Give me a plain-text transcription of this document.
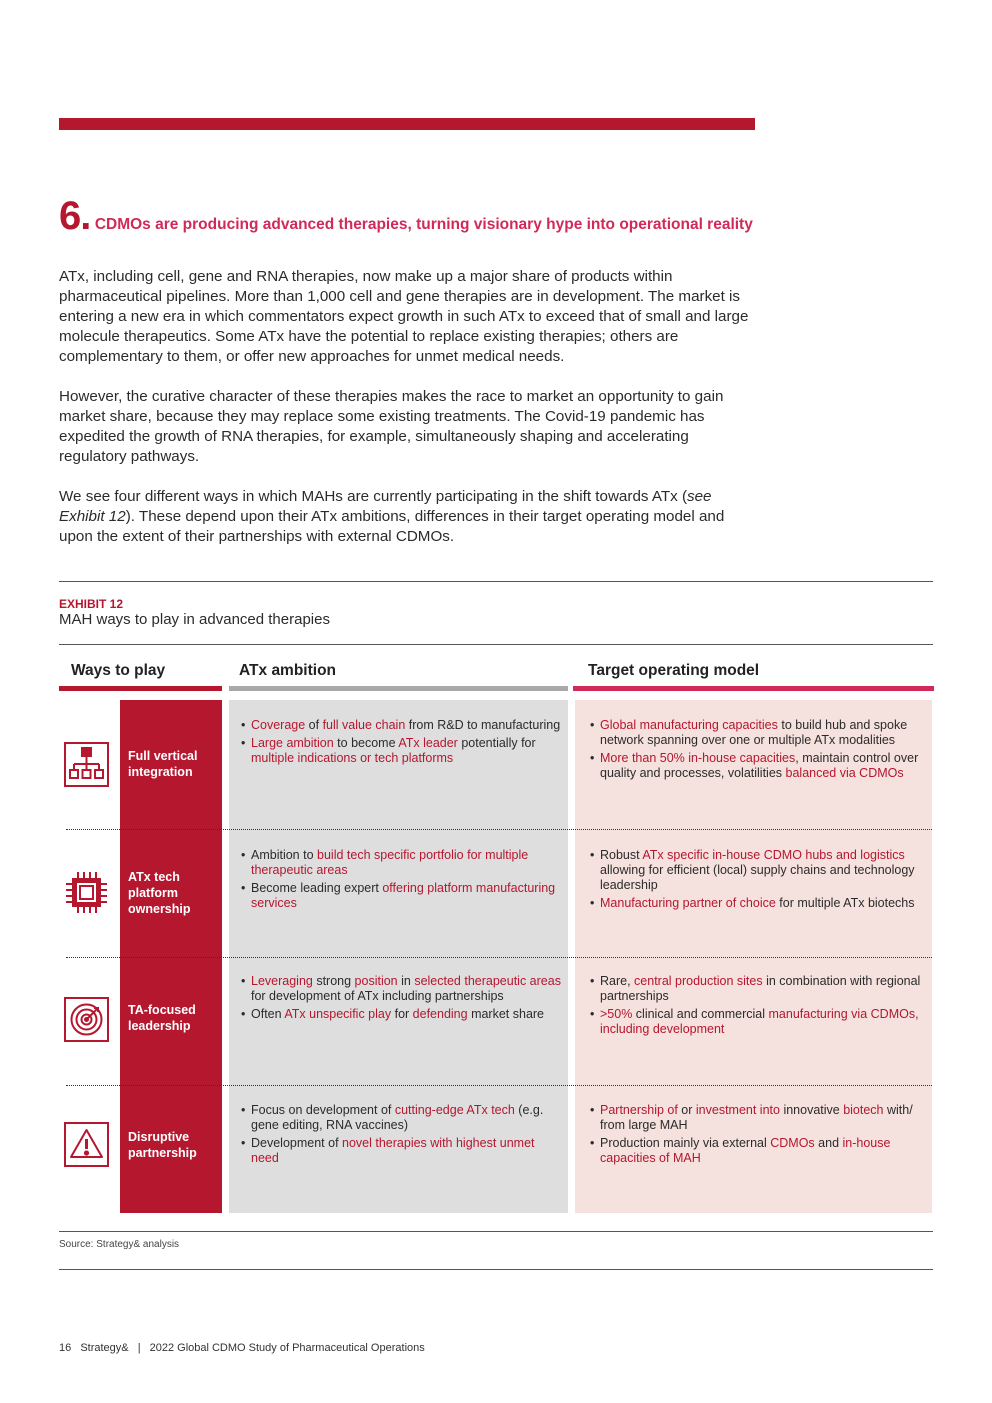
6. CDMOs are producing advanced therapies, turning visionary hype into operational reality

ATx, including cell, gene and RNA therapies, now make up a major share of products within pharmaceutical pipelines. More than 1,000 cell and gene therapies are in development. The market is entering a new era in which commentators expect growth in such ATx to exceed that of small and large molecule therapeutics. Some ATx have the potential to replace existing therapies; others are complementary to them, or offer new approaches for unmet medical needs.

However, the curative character of these therapies makes the race to market an opportunity to gain market share, because they may replace some existing treatments. The Covid-19 pandemic has expedited the growth of RNA therapies, for example, simultaneously shaping and accelerating regulatory pathways.

We see four different ways in which MAHs are currently participating in the shift towards ATx (see Exhibit 12). These depend upon their ATx ambitions, differences in their target operating model and upon the extent of their partnerships with external CDMOs.

EXHIBIT 12
MAH ways to play in advanced therapies
Ways to play	ATx ambition	Target operating model
Full vertical integration
• Coverage of full value chain from R&D to manufacturing
• Large ambition to become ATx leader potentially for multiple indications or tech platforms
• Global manufacturing capacities to build hub and spoke network spanning over one or multiple ATx modalities
• More than 50% in-house capacities, maintain control over quality and processes, volatilities balanced via CDMOs
ATx tech platform ownership
• Ambition to build tech specific portfolio for multiple therapeutic areas
• Become leading expert offering platform manufacturing services
• Robust ATx specific in-house CDMO hubs and logistics allowing for efficient (local) supply chains and technology leadership
• Manufacturing partner of choice for multiple ATx biotechs
TA-focused leadership
• Leveraging strong position in selected therapeutic areas for development of ATx including partnerships
• Often ATx unspecific play for defending market share
• Rare, central production sites in combination with regional partnerships
• >50% clinical and commercial manufacturing via CDMOs, including development
Disruptive partnership
• Focus on development of cutting-edge ATx tech (e.g. gene editing, RNA vaccines)
• Development of novel therapies with highest unmet need
• Partnership of or investment into innovative biotech with/ from large MAH
• Production mainly via external CDMOs and in-house capacities of MAH
Source: Strategy& analysis
16 Strategy& | 2022 Global CDMO Study of Pharmaceutical Operations
